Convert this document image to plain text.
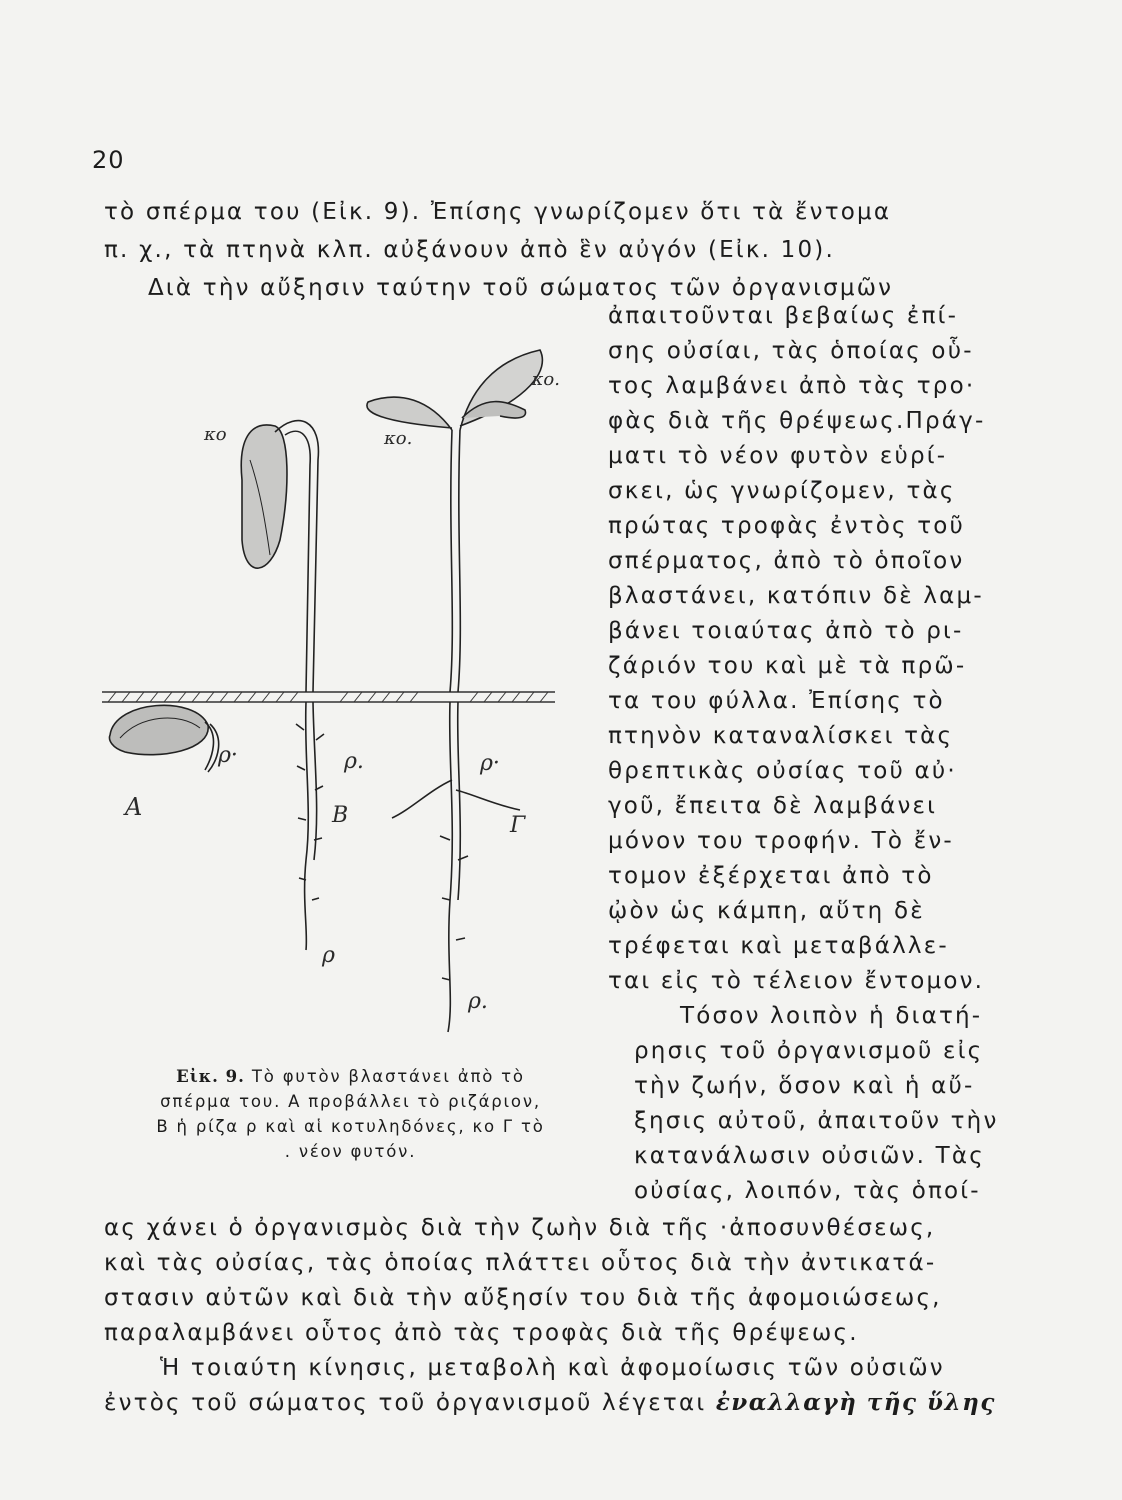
20
τὸ σπέρμα του (Εἰκ. 9). Ἐπίσης γνωρίζομεν ὅτι τὰ ἔντομα
π. χ., τὰ πτηνὰ κλπ. αὐξάνουν ἀπὸ ἓν αὐγόν (Εἰκ. 10).
Διὰ τὴν αὔξησιν ταύτην τοῦ σώματος τῶν ὀργανισμῶν
ἀπαιτοῦνται βεβαίως ἐπί-
σης οὐσίαι, τὰς ὁποίας οὗ-
τος λαμβάνει ἀπὸ τὰς τρο·
φὰς διὰ τῆς θρέψεως.Πράγ-
ματι τὸ νέον φυτὸν εὑρί-
σκει, ὡς γνωρίζομεν, τὰς
πρώτας τροφὰς ἐντὸς τοῦ
σπέρματος, ἀπὸ τὸ ὁποῖον
βλαστάνει, κατόπιν δὲ λαμ-
βάνει τοιαύτας ἀπὸ τὸ ρι-
ζάριόν του καὶ μὲ τὰ πρῶ-
τα του φύλλα. Ἐπίσης τὸ
πτηνὸν καταναλίσκει τὰς
θρεπτικὰς οὐσίας τοῦ αὐ·
γοῦ, ἔπειτα δὲ λαμβάνει
μόνον του τροφήν. Τὸ ἔν-
τομον ἐξέρχεται ἀπὸ τὸ
ᾠὸν ὡς κάμπη, αὕτη δὲ
τρέφεται καὶ μεταβάλλε-
ται εἰς τὸ τέλειον ἔντομον.
Τόσον λοιπὸν ἡ διατή-
ρησις τοῦ ὀργανισμοῦ εἰς
τὴν ζωήν, ὅσον καὶ ἡ αὔ-
ξησις αὐτοῦ, ἀπαιτοῦν τὴν
κατανάλωσιν οὐσιῶν. Τὰς
οὐσίας, λοιπόν, τὰς ὁποί-
ας χάνει ὁ ὀργανισμὸς διὰ τὴν ζωὴν διὰ τῆς ·ἀποσυνθέσεως,
καὶ τὰς οὐσίας, τὰς ὁποίας πλάττει οὗτος διὰ τὴν ἀντικατά-
στασιν αὐτῶν καὶ διὰ τὴν αὔξησίν του διὰ τῆς ἀφομοιώσεως,
παραλαμβάνει οὗτος ἀπὸ τὰς τροφὰς διὰ τῆς θρέψεως.
Ἡ τοιαύτη κίνησις, μεταβολὴ καὶ ἀφομοίωσις τῶν οὐσιῶν
ἐντὸς τοῦ σώματος τοῦ ὀργανισμοῦ λέγεται ἐναλλαγὴ τῆς ὕλης
Α	Β	Γ
ρ·	ρ.
ρ
ρ·
ρ.
κο	κο.
κο.
Εἰκ. 9. Τὸ φυτὸν βλαστάνει ἀπὸ τὸ
σπέρμα του. Α προβάλλει τὸ ριζάριον,
Β ἡ ρίζα ρ καὶ αἱ κοτυληδόνες, κο Γ τὸ
. νέον φυτόν.
